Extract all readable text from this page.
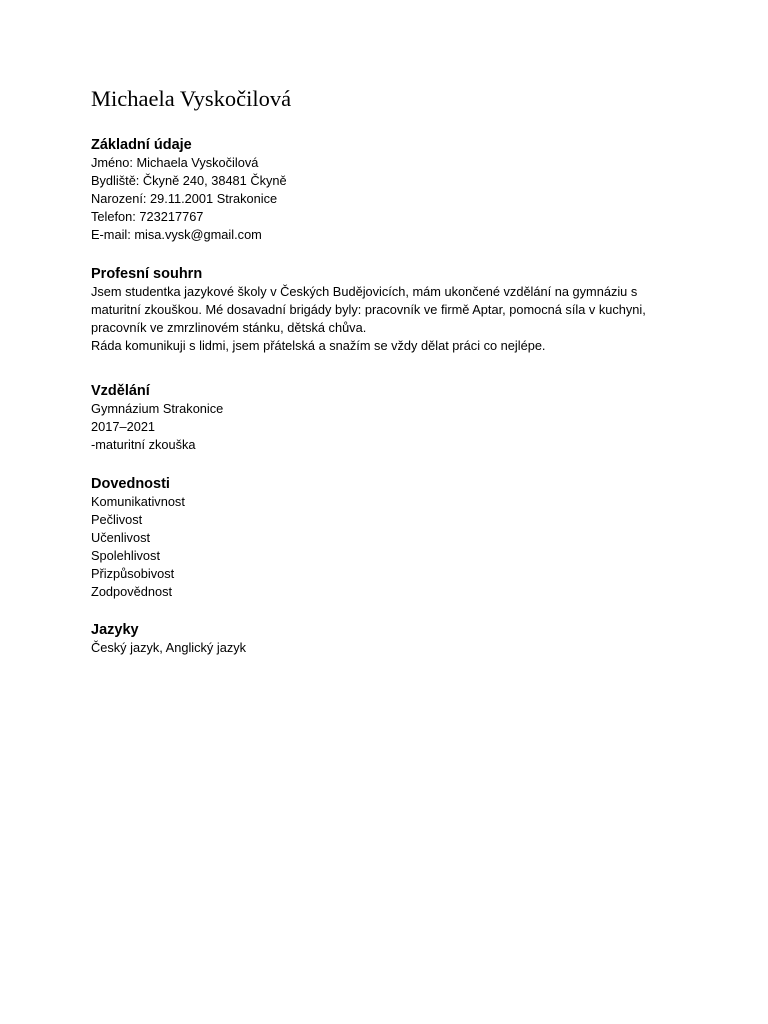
Michaela Vyskočilová
Základní údaje

Jméno: Michaela Vyskočilová

Bydliště: Čkyně 240, 38481 Čkyně

Narození: 29.11.2001 Strakonice

Telefon: 723217767

E-mail: misa.vysk@gmail.com

Profesní souhrn

Jsem studentka jazykové školy v Českých Budějovicích, mám ukončené vzdělání na gymnáziu s maturitní zkouškou. Mé dosavadní brigády byly: pracovník ve firmě Aptar, pomocná síla v kuchyni, pracovník ve zmrzlinovém stánku, dětská chůva.

Ráda komunikuji s lidmi, jsem přátelská a snažím se vždy dělat práci co nejlépe.

Vzdělání

Gymnázium Strakonice

2017–2021

-maturitní zkouška

Dovednosti
Komunikativnost
Pečlivost
Učenlivost
Spolehlivost
Přizpůsobivost
Zodpovědnost
Jazyky

Český jazyk, Anglický jazyk
